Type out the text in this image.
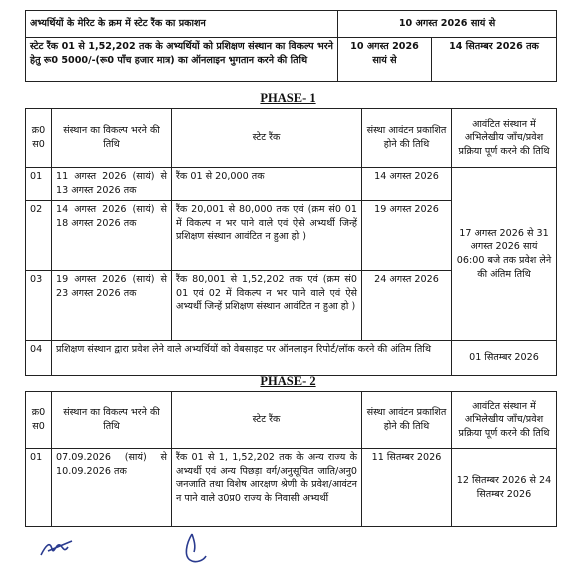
अभ्यर्थियों के मेरिट के क्रम में स्टेट रैंक का प्रकाशन	10 अगस्त 2026 सायं से	
स्टेट रैंक 01 से 1,52,202 तक के अभ्यर्थियों को प्रशिक्षण संस्थान का विकल्प भरने हेतु रू0 5000/-(रू0 पाँच हजार मात्र) का ऑनलाइन भुगतान करने की तिथि	10 अगस्त 2026 सायं से	14 सितम्बर 2026 तक
PHASE- 1
क्र0 स0	संस्थान का विकल्प भरने की तिथि	स्टेट रैंक	संस्था आवंटन प्रकाशित होने की तिथि	आवंटित संस्थान में अभिलेखीय जाँच/प्रवेश प्रक्रिया पूर्ण करने की तिथि
01	11 अगस्त 2026 (सायं) से 13 अगस्त 2026 तक	रैंक 01 से 20,000 तक	14 अगस्त 2026	17 अगस्त 2026 से 31 अगस्त 2026 सायं 06:00 बजे तक प्रवेश लेने की अंतिम तिथि
02	14 अगस्त 2026 (सायं) से 18 अगस्त 2026 तक	रैंक 20,001 से 80,000 तक एवं (क्रम सं0 01 में विकल्प न भर पाने वाले एवं ऐसे अभ्यर्थी जिन्हें प्रशिक्षण संस्थान आवंटित न हुआ हो )	19 अगस्त 2026	
03	19 अगस्त 2026 (सायं) से 23 अगस्त 2026 तक	रैंक 80,001 से 1,52,202 तक एवं (क्रम सं0 01 एवं 02 में विकल्प न भर पाने वाले एवं ऐसे अभ्यर्थी जिन्हें प्रशिक्षण संस्थान आवंटित न हुआ हो )	24 अगस्त 2026	
04	प्रशिक्षण संस्थान द्वारा प्रवेश लेने वाले अभ्यर्थियों को वेबसाइट पर ऑनलाइन रिपोर्ट/लॉक करने की अंतिम तिथि			01 सितम्बर 2026
PHASE- 2
क्र0 स0	संस्थान का विकल्प भरने की तिथि	स्टेट रैंक	संस्था आवंटन प्रकाशित होने की तिथि	आवंटित संस्थान में अभिलेखीय जाँच/प्रवेश प्रक्रिया पूर्ण करने की तिथि
01	07.09.2026 (सायं) से 10.09.2026 तक	रैंक 01 से 1, 1,52,202 तक के अन्य राज्य के अभ्यर्थी एवं अन्य पिछड़ा वर्ग/अनुसूचित जाति/अनु0 जनजाति तथा विशेष आरक्षण श्रेणी के प्रवेश/आवंटन न पाने वाले उ0प्र0 राज्य के निवासी अभ्यर्थी	11 सितम्बर 2026	12 सितम्बर 2026 से 24 सितम्बर 2026
